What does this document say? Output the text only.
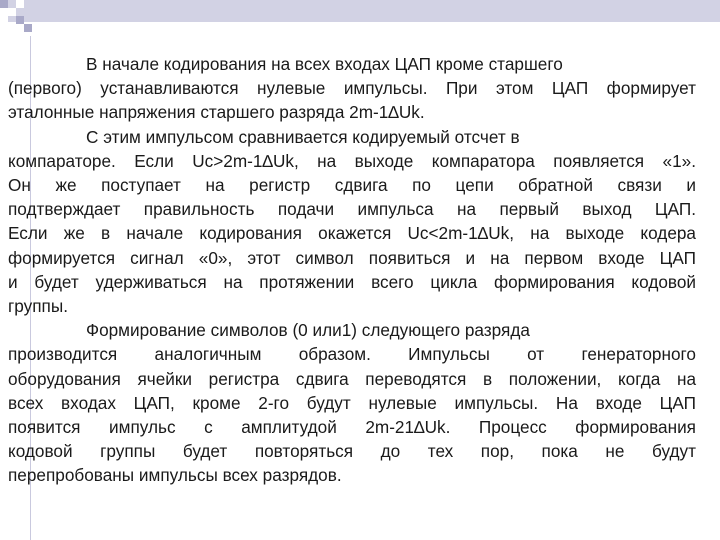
В начале кодирования на всех входах ЦАП кроме старшего
(первого) устанавливаются нулевые импульсы. При этом ЦАП формирует
эталонные напряжения старшего разряда 2m-1∆Uk.
С этим импульсом сравнивается кодируемый отсчет в
компараторе. Если Uc>2m-1∆Uk, на выходе компаратора появляется «1».
Он же поступает на регистр сдвига по цепи обратной связи и
подтверждает правильность подачи импульса на первый выход ЦАП.
Если же в начале кодирования окажется Uc<2m-1∆Uk, на выходе кодера
формируется сигнал «0», этот символ появиться и на первом входе ЦАП
и будет удерживаться на протяжении всего цикла формирования кодовой
группы.
Формирование символов (0 или1) следующего разряда
производится аналогичным образом. Импульсы от генераторного
оборудования ячейки регистра сдвига переводятся в положении, когда на
всех входах ЦАП, кроме 2-го будут нулевые импульсы. На входе ЦАП
появится импульс с амплитудой 2m-21∆Uk. Процесс формирования
кодовой группы будет повторяться до тех пор, пока не будут
перепробованы импульсы всех разрядов.
